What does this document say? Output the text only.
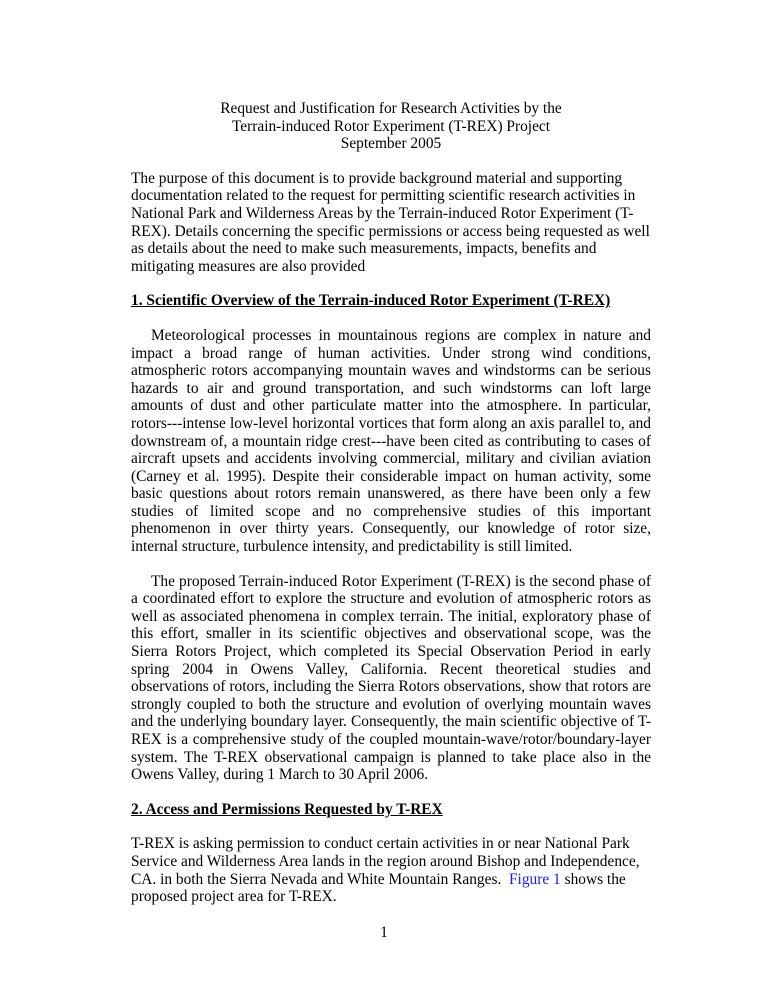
Request and Justification for Research Activities by the
Terrain-induced Rotor Experiment (T-REX) Project
September 2005

The purpose of this document is to provide background material and supporting documentation related to the request for permitting scientific research activities in National Park and Wilderness Areas by the Terrain-induced Rotor Experiment (T-REX). Details concerning the specific permissions or access being requested as well as details about the need to make such measurements, impacts, benefits and mitigating measures are also provided

1. Scientific Overview of the Terrain-induced Rotor Experiment (T-REX)

Meteorological processes in mountainous regions are complex in nature and impact a broad range of human activities. Under strong wind conditions, atmospheric rotors accompanying mountain waves and windstorms can be serious hazards to air and ground transportation, and such windstorms can loft large amounts of dust and other particulate matter into the atmosphere. In particular, rotors---intense low-level horizontal vortices that form along an axis parallel to, and downstream of, a mountain ridge crest---have been cited as contributing to cases of aircraft upsets and accidents involving commercial, military and civilian aviation (Carney et al. 1995). Despite their considerable impact on human activity, some basic questions about rotors remain unanswered, as there have been only a few studies of limited scope and no comprehensive studies of this important phenomenon in over thirty years. Consequently, our knowledge of rotor size, internal structure, turbulence intensity, and predictability is still limited.

The proposed Terrain-induced Rotor Experiment (T-REX) is the second phase of a coordinated effort to explore the structure and evolution of atmospheric rotors as well as associated phenomena in complex terrain. The initial, exploratory phase of this effort, smaller in its scientific objectives and observational scope, was the Sierra Rotors Project, which completed its Special Observation Period in early spring 2004 in Owens Valley, California. Recent theoretical studies and observations of rotors, including the Sierra Rotors observations, show that rotors are strongly coupled to both the structure and evolution of overlying mountain waves and the underlying boundary layer. Consequently, the main scientific objective of T-REX is a comprehensive study of the coupled mountain-wave/rotor/boundary-layer system. The T-REX observational campaign is planned to take place also in the Owens Valley, during 1 March to 30 April 2006.

2. Access and Permissions Requested by T-REX

T-REX is asking permission to conduct certain activities in or near National Park Service and Wilderness Area lands in the region around Bishop and Independence, CA. in both the Sierra Nevada and White Mountain Ranges. Figure 1 shows the proposed project area for T-REX.

1
